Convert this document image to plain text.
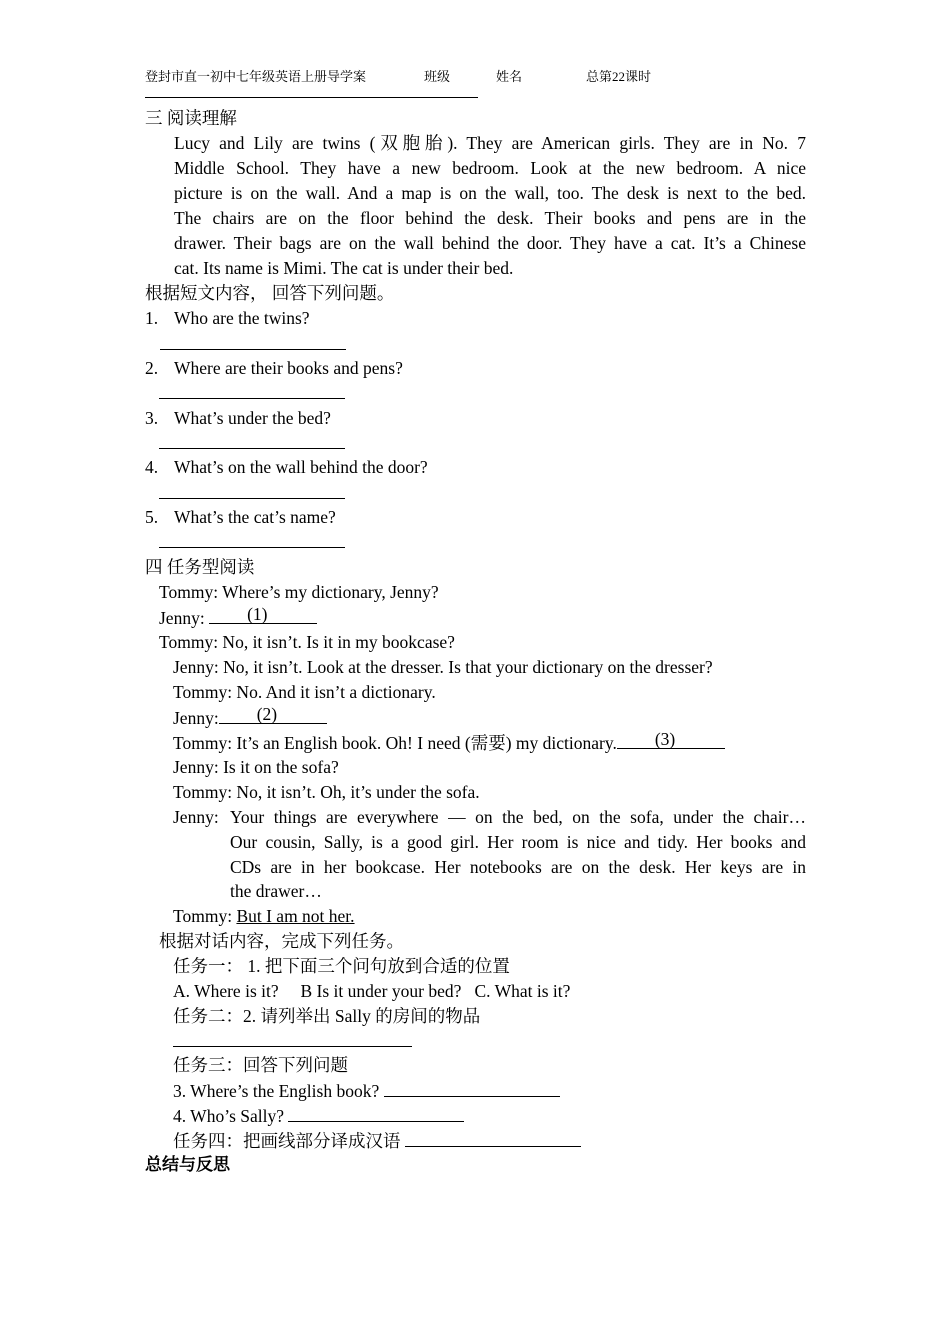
登封市直一初中七年级英语上册导学案	班级	姓名	总第22课时
三 阅读理解
Lucy and Lily are twins (双胞胎). They are American girls. They are in No. 7
Middle School. They have a new bedroom. Look at the new bedroom. A nice
picture is on the wall. And a map is on the wall, too. The desk is next to the bed.
The chairs are on the floor behind the desk. Their books and pens are in the
drawer. Their bags are on the wall behind the door. They have a cat. It’s a Chinese
cat. Its name is Mimi. The cat is under their bed.
根据短文内容， 回答下列问题。
1. Who are the twins?
2. Where are their books and pens?
3. What’s under the bed?
4. What’s on the wall behind the door?
5. What’s the cat’s name?
四 任务型阅读
Tommy: Where’s my dictionary, Jenny?
Jenny: (1)
Tommy: No, it isn’t. Is it in my bookcase?
Jenny: No, it isn’t. Look at the dresser. Is that your dictionary on the dresser?
Tommy: No. And it isn’t a dictionary.
Jenny: (2)
Tommy: It’s an English book. Oh! I need (需要) my dictionary. (3)
Jenny: Is it on the sofa?
Tommy: No, it isn’t. Oh, it’s under the sofa.
Jenny: Your things are everywhere — on the bed, on the sofa, under the chair…
Our cousin, Sally, is a good girl. Her room is nice and tidy. Her books and
CDs are in her bookcase. Her notebooks are on the desk. Her keys are in
the drawer…
Tommy: But I am not her.
根据对话内容，完成下列任务。
任务一： 1. 把下面三个问句放到合适的位置
A. Where is it?     B Is it under your bed?   C. What is it?
任务二：2. 请列举出 Sally 的房间的物品
任务三：回答下列问题
3. Where’s the English book?
4. Who’s Sally?
任务四：把画线部分译成汉语
总结与反思
